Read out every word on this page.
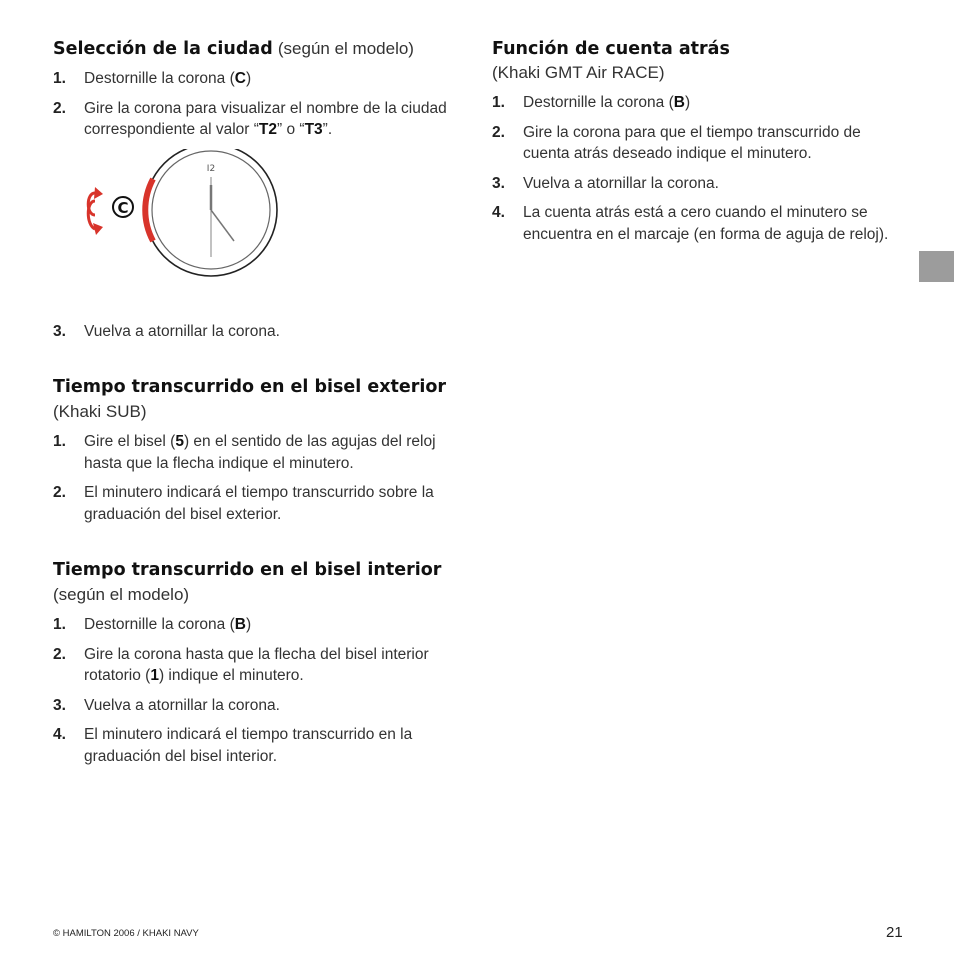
Selección de la ciudad (según el modelo)
1. Destornille la corona (C)
2. Gire la corona para visualizar el nombre de la ciudad correspondiente al valor “T2” o “T3”.
C
I2
3. Vuelva a atornillar la corona.
Tiempo transcurrido en el bisel exterior (Khaki SUB)
1. Gire el bisel (5) en el sentido de las agujas del reloj hasta que la flecha indique el minutero.
2. El minutero indicará el tiempo transcurrido sobre la graduación del bisel exterior.
Tiempo transcurrido en el bisel interior (según el modelo)
1. Destornille la corona (B)
2. Gire la corona hasta que la flecha del bisel interior rotatorio (1) indique el minutero.
3. Vuelva a atornillar la corona.
4. El minutero indicará el tiempo transcurrido en la graduación del bisel interior.
Función de cuenta atrás
(Khaki GMT Air RACE)
1. Destornille la corona (B)
2. Gire la corona para que el tiempo transcurrido de cuenta atrás deseado indique el minutero.
3. Vuelva a atornillar la corona.
4. La cuenta atrás está a cero cuando el minutero se encuentra en el marcaje (en forma de aguja de reloj).
© HAMILTON 2006 / KHAKI NAVY	21
